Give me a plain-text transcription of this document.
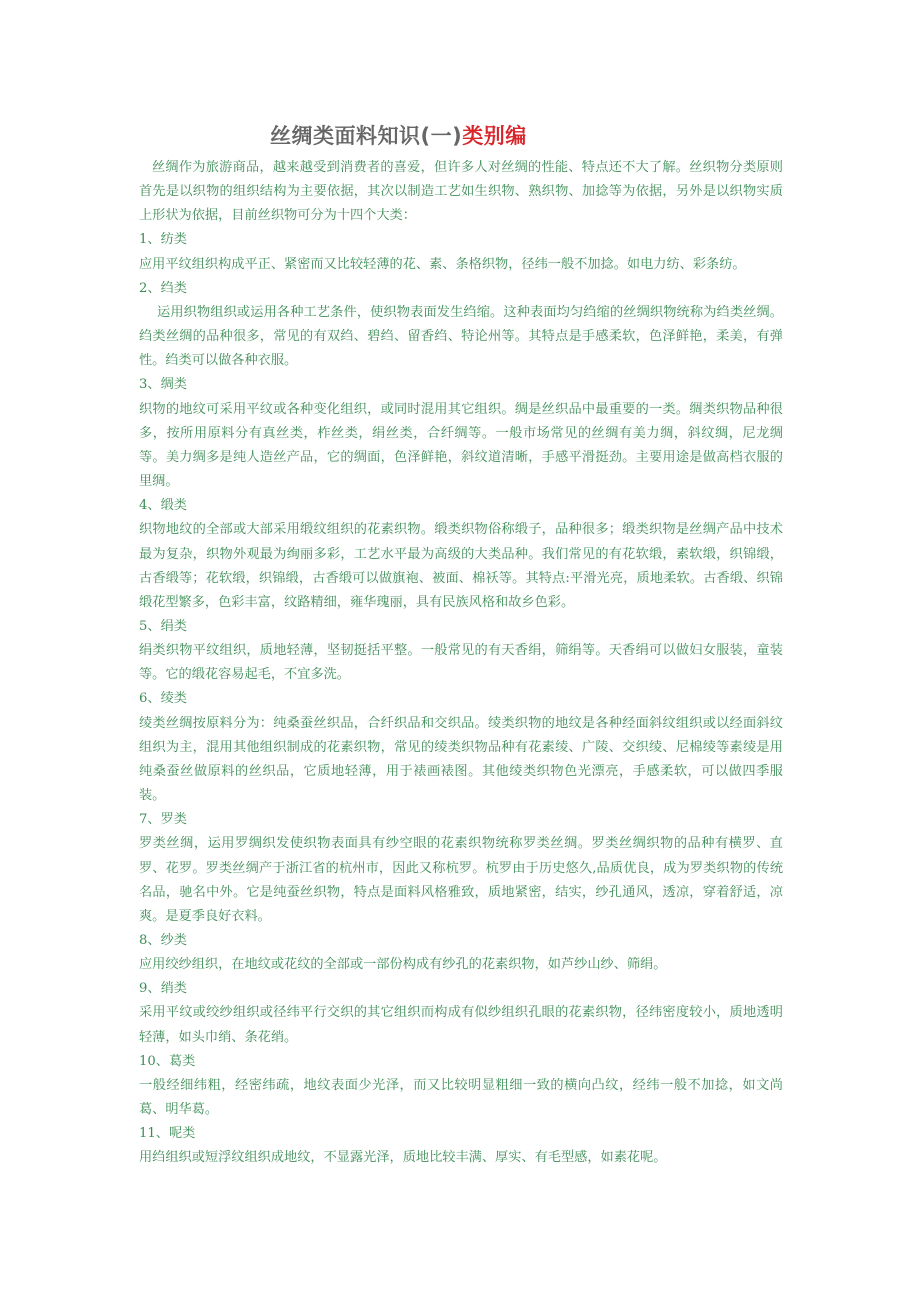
丝绸类面料知识(一)类别编

丝绸作为旅游商品，越来越受到消费者的喜爱，但许多人对丝绸的性能、特点还不大了解。丝织物分类原则首先是以织物的组织结构为主要依据，其次以制造工艺如生织物、熟织物、加捻等为依据，另外是以织物实质上形状为依据，目前丝织物可分为十四个大类：

1、纺类

应用平纹组织构成平正、紧密而又比较轻薄的花、素、条格织物，径纬一般不加捻。如电力纺、彩条纺。

2、绉类

运用织物组织或运用各种工艺条件，使织物表面发生绉缩。这种表面均匀绉缩的丝绸织物统称为绉类丝绸。绉类丝绸的品种很多，常见的有双绉、碧绉、留香绉、特论州等。其特点是手感柔软，色泽鲜艳，柔美，有弹性。绉类可以做各种衣服。

3、绸类

织物的地纹可采用平纹或各种变化组织，或同时混用其它组织。绸是丝织品中最重要的一类。绸类织物品种很多，按所用原料分有真丝类，柞丝类，绢丝类，合纤绸等。一般市场常见的丝绸有美力绸，斜纹绸，尼龙绸等。美力绸多是纯人造丝产品，它的绸面，色泽鲜艳，斜纹道清晰，手感平滑挺劲。主要用途是做高档衣服的里绸。

4、缎类

织物地纹的全部或大部采用缎纹组织的花素织物。缎类织物俗称缎子，品种很多；缎类织物是丝绸产品中技术最为复杂，织物外观最为绚丽多彩，工艺水平最为高级的大类品种。我们常见的有花软缎，素软缎，织锦缎，古香缎等；花软缎，织锦缎，古香缎可以做旗袍、被面、棉袄等。其特点:平滑光亮，质地柔软。古香缎、织锦缎花型繁多，色彩丰富，纹路精细，雍华瑰丽，具有民族风格和故乡色彩。

5、绢类

绢类织物平纹组织，质地轻薄，坚韧挺括平整。一般常见的有天香绢，筛绢等。天香绢可以做妇女服装，童装等。它的缎花容易起毛，不宜多洗。

6、绫类

绫类丝绸按原料分为：纯桑蚕丝织品，合纤织品和交织品。绫类织物的地纹是各种经面斜纹组织或以经面斜纹组织为主，混用其他组织制成的花素织物，常见的绫类织物品种有花素绫、广陵、交织绫、尼棉绫等素绫是用纯桑蚕丝做原料的丝织品，它质地轻薄，用于裱画裱图。其他绫类织物色光漂亮，手感柔软，可以做四季服装。

7、罗类

罗类丝绸，运用罗绸织发使织物表面具有纱空眼的花素织物统称罗类丝绸。罗类丝绸织物的品种有横罗、直罗、花罗。罗类丝绸产于浙江省的杭州市，因此又称杭罗。杭罗由于历史悠久,品质优良，成为罗类织物的传统名品，驰名中外。它是纯蚕丝织物，特点是面料风格雅致，质地紧密，结实，纱孔通风，透凉，穿着舒适，凉爽。是夏季良好衣料。

8、纱类

应用绞纱组织，在地纹或花纹的全部或一部份构成有纱孔的花素织物，如芦纱山纱、筛绢。

9、绡类

采用平纹或绞纱组织或径纬平行交织的其它组织而构成有似纱组织孔眼的花素织物，径纬密度较小，质地透明轻薄，如头巾绡、条花绡。

10、葛类

一般经细纬粗，经密纬疏，地纹表面少光泽，而又比较明显粗细一致的横向凸纹，经纬一般不加捻，如文尚葛、明华葛。

11、呢类

用绉组织或短浮纹组织成地纹，不显露光泽，质地比较丰满、厚实、有毛型感，如素花呢。
